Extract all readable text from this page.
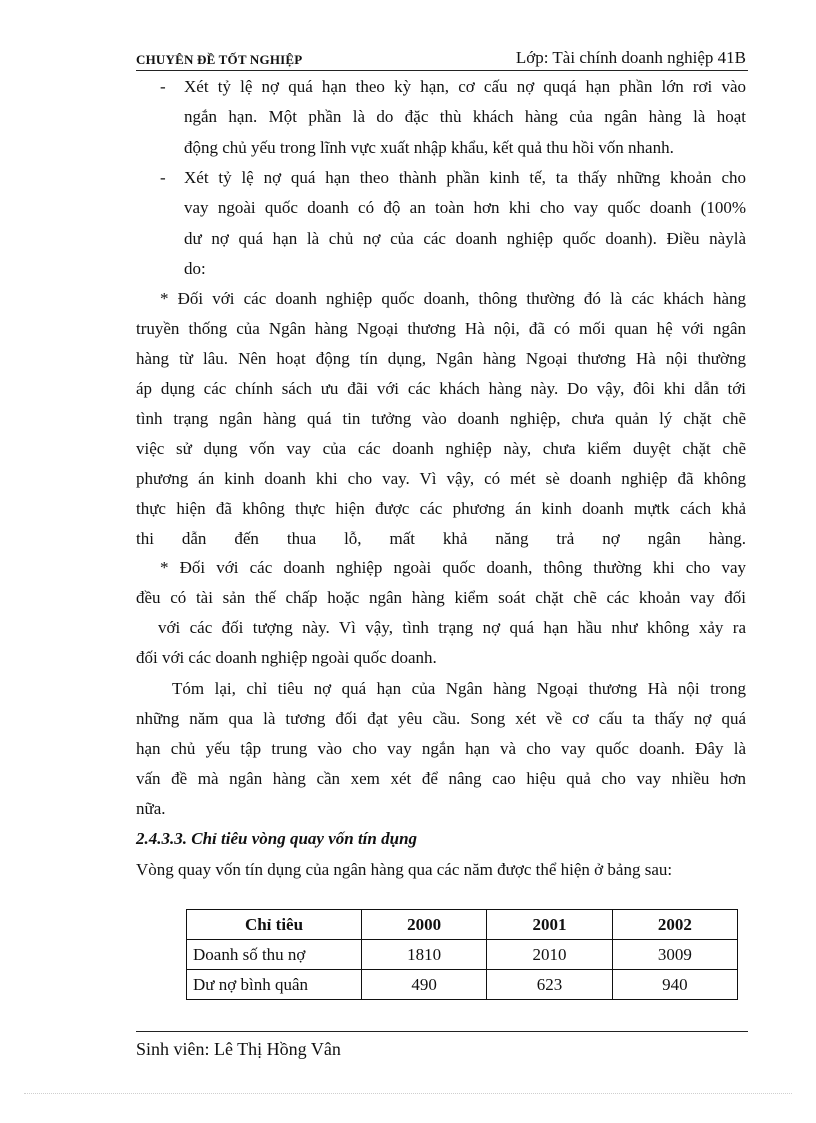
CHUYÊN ĐỀ TỐT NGHIỆP	Lớp: Tài chính doanh nghiệp 41B
-
-
Xét tỷ lệ nợ quá hạn theo kỳ hạn, cơ cấu nợ quqá hạn phần lớn rơi vào
ngắn hạn. Một phần là do đặc thù khách hàng của ngân hàng là hoạt
động chủ yếu trong lĩnh vực xuất nhập khẩu, kết quả thu hồi vốn nhanh.
Xét tỷ lệ nợ quá hạn theo thành phần kinh tế, ta thấy những khoản cho
vay ngoài quốc doanh có độ an toàn hơn khi cho vay quốc doanh (100%
dư nợ quá hạn là chủ nợ của các doanh nghiệp quốc doanh). Điều nàylà
do:
* Đối với các doanh nghiệp quốc doanh, thông thường đó là các khách hàng
truyền thống của Ngân hàng Ngoại thương Hà nội, đã có mối quan hệ với ngân
hàng từ lâu. Nên hoạt động tín dụng, Ngân hàng Ngoại thương Hà nội thường
áp dụng các chính sách ưu đãi với các khách hàng này. Do vậy, đôi khi dẫn tới
tình trạng ngân hàng quá tin tưởng vào doanh nghiệp, chưa quản lý chặt chẽ
việc sử dụng vốn vay của các doanh nghiệp này, chưa kiểm duyệt chặt chẽ
phương án kinh doanh khi cho vay. Vì vậy, có mét sè doanh nghiệp đã không
thực hiện đã không thực hiện được các phương án kinh doanh mựtk cách khả
thi dẫn đến thua lỗ, mất khả năng trả nợ ngân hàng.
* Đối với các doanh nghiệp ngoài quốc doanh, thông thường khi cho vay
đều có tài sản thế chấp hoặc ngân hàng kiểm soát chặt chẽ các khoản vay đối
với các đối tượng này. Vì vậy, tình trạng nợ quá hạn hầu như không xảy ra
đối với các doanh nghiệp ngoài quốc doanh.
Tóm lại, chỉ tiêu nợ quá hạn của Ngân hàng Ngoại thương Hà nội trong
những năm qua là tương đối đạt yêu cầu. Song xét về cơ cấu ta thấy nợ quá
hạn chủ yếu tập trung vào cho vay ngắn hạn và cho vay quốc doanh. Đây là
vấn đề mà ngân hàng cần xem xét để nâng cao hiệu quả cho vay nhiều hơn
nữa.
2.4.3.3. Chỉ tiêu vòng quay vốn tín dụng
Vòng quay vốn tín dụng của ngân hàng qua các năm được thể hiện ở bảng sau:
Chỉ tiêu	2000	2001	2002
Doanh số thu nợ	1810	2010	3009
Dư nợ bình quân	490	623	940
Sinh viên: Lê Thị Hồng Vân
